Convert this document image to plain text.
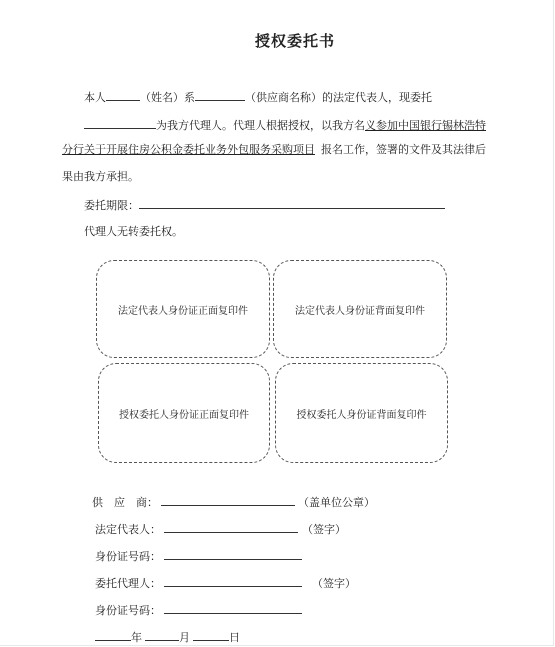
授权委托书
本人	（姓名）系	（供应商名称）的法定代表人，现委托
为我方代理人。代理人根据授权，以我方名义参加中国银行锡林浩特
分行关于开展住房公积金委托业务外包服务采购项目 报名工作，签署的文件及其法律后
果由我方承担。
委托期限：
代理人无转委托权。
法定代表人身份证正面复印件	法定代表人身份证背面复印件
授权委托人身份证正面复印件	授权委托人身份证背面复印件
供　应　商：	（盖单位公章）
法定代表人：	（签字）
身份证号码：
委托代理人：	（签字）
身份证号码：
年	月	日
